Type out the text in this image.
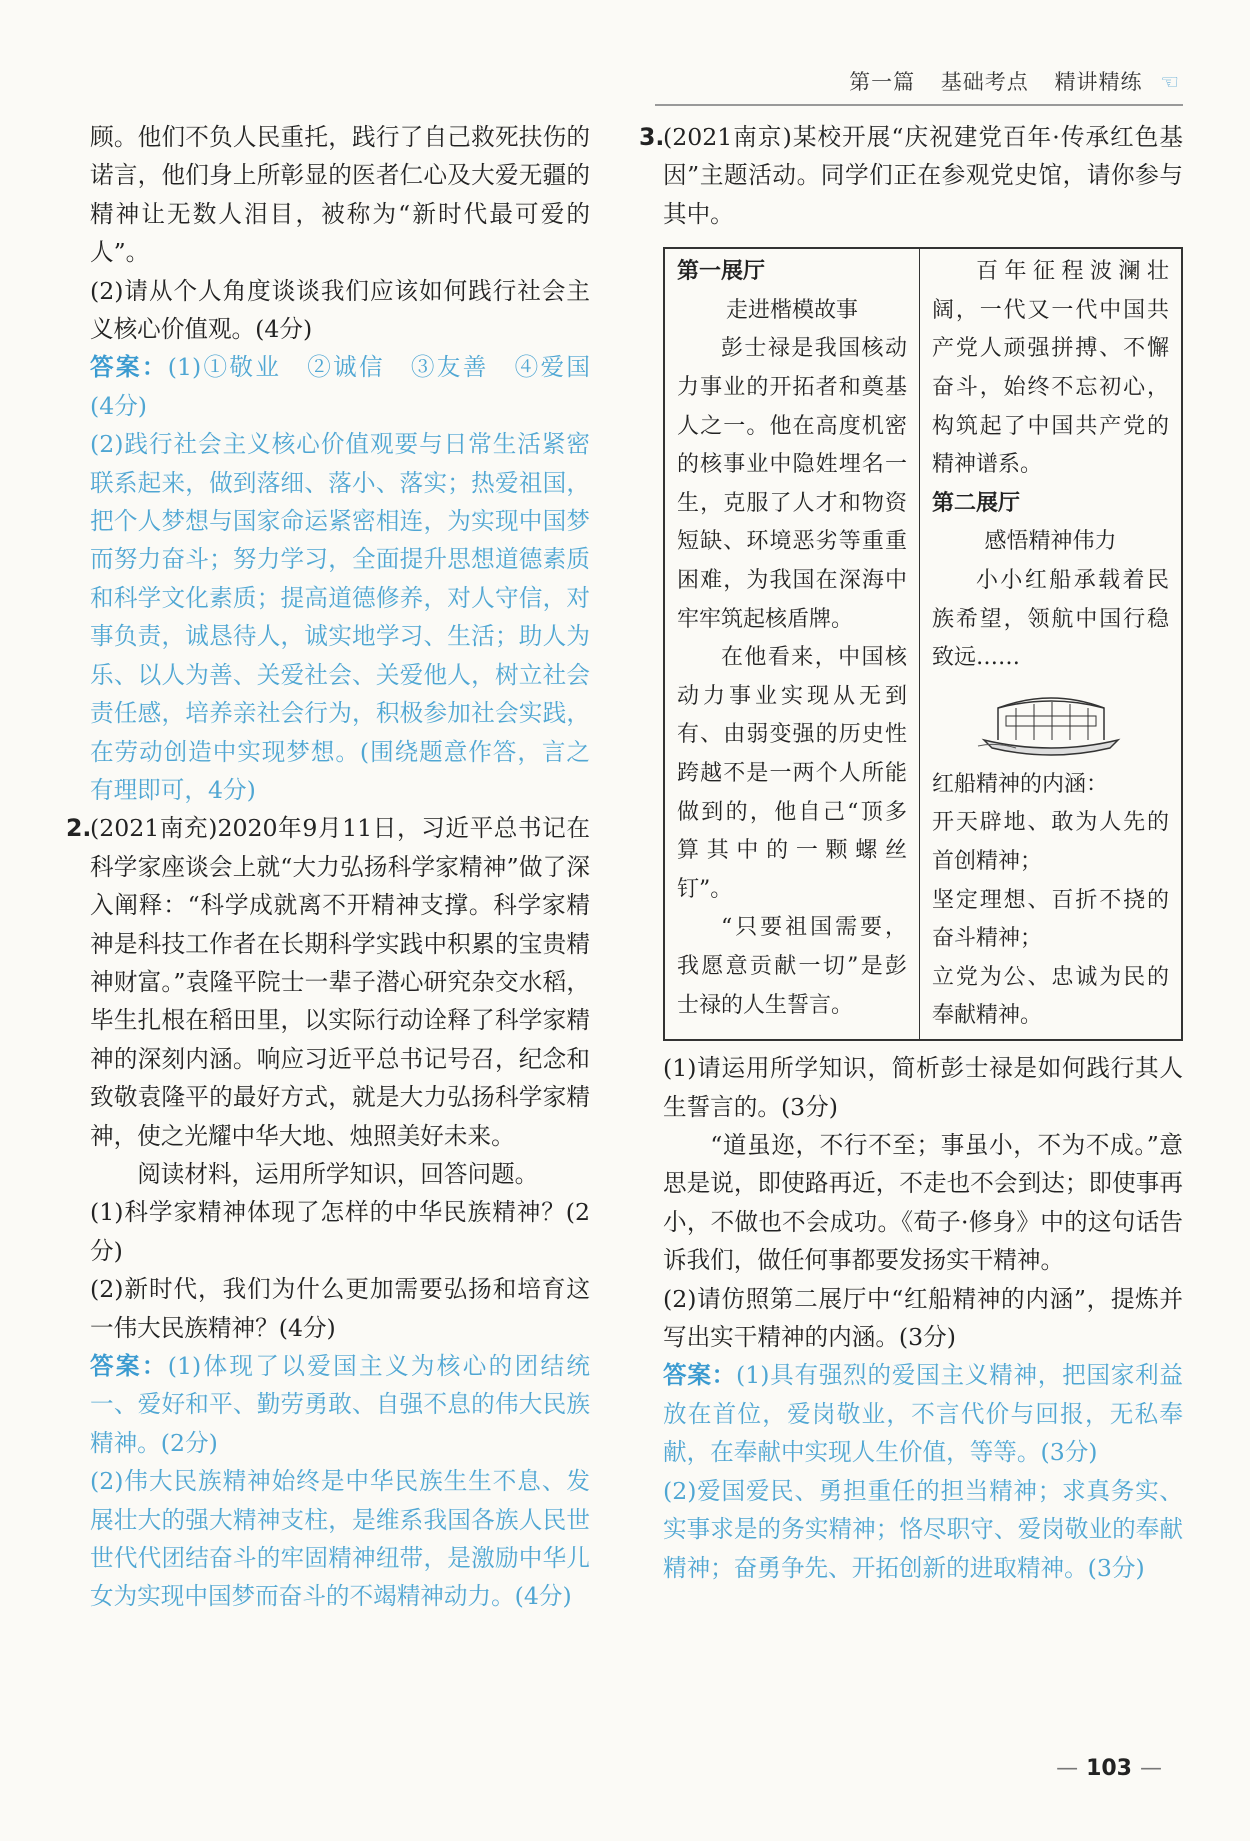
第一篇 基础考点 精讲精练 ☜

顾。他们不负人民重托，践行了自己救死扶伤的诺言，他们身上所彰显的医者仁心及大爱无疆的精神让无数人泪目，被称为“新时代最可爱的人”。

(2)请从个人角度谈谈我们应该如何践行社会主义核心价值观。(4分)

答案：(1)①敬业　②诚信　③友善　④爱国　(4分)

(2)践行社会主义核心价值观要与日常生活紧密联系起来，做到落细、落小、落实；热爱祖国，把个人梦想与国家命运紧密相连，为实现中国梦而努力奋斗；努力学习，全面提升思想道德素质和科学文化素质；提高道德修养，对人守信，对事负责，诚恳待人，诚实地学习、生活；助人为乐、以人为善、关爱社会、关爱他人，树立社会责任感，培养亲社会行为，积极参加社会实践，在劳动创造中实现梦想。(围绕题意作答，言之有理即可，4分)

2.
(2021南充)2020年9月11日，习近平总书记在科学家座谈会上就“大力弘扬科学家精神”做了深入阐释：“科学成就离不开精神支撑。科学家精神是科技工作者在长期科学实践中积累的宝贵精神财富。”袁隆平院士一辈子潜心研究杂交水稻，毕生扎根在稻田里，以实际行动诠释了科学家精神的深刻内涵。响应习近平总书记号召，纪念和致敬袁隆平的最好方式，就是大力弘扬科学家精神，使之光耀中华大地、烛照美好未来。

阅读材料，运用所学知识，回答问题。

(1)科学家精神体现了怎样的中华民族精神？(2分)

(2)新时代，我们为什么更加需要弘扬和培育这一伟大民族精神？(4分)

答案：(1)体现了以爱国主义为核心的团结统一、爱好和平、勤劳勇敢、自强不息的伟大民族精神。(2分)

(2)伟大民族精神始终是中华民族生生不息、发展壮大的强大精神支柱，是维系我国各族人民世世代代团结奋斗的牢固精神纽带，是激励中华儿女为实现中国梦而奋斗的不竭精神动力。(4分)

3.
(2021南京)某校开展“庆祝建党百年·传承红色基因”主题活动。同学们正在参观党史馆，请你参与其中。

第一展厅

走进楷模故事

彭士禄是我国核动力事业的开拓者和奠基人之一。他在高度机密的核事业中隐姓埋名一生，克服了人才和物资短缺、环境恶劣等重重困难，为我国在深海中牢牢筑起核盾牌。

在他看来，中国核动力事业实现从无到有、由弱变强的历史性跨越不是一两个人所能做到的，他自己“顶多算其中的一颗螺丝钉”。

“只要祖国需要，我愿意贡献一切”是彭士禄的人生誓言。

百年征程波澜壮阔，一代又一代中国共产党人顽强拼搏、不懈奋斗，始终不忘初心，构筑起了中国共产党的精神谱系。

第二展厅

感悟精神伟力

小小红船承载着民族希望，领航中国行稳致远……

红船精神的内涵：

开天辟地、敢为人先的首创精神；

坚定理想、百折不挠的奋斗精神；

立党为公、忠诚为民的奉献精神。

(1)请运用所学知识，简析彭士禄是如何践行其人生誓言的。(3分)

“道虽迩，不行不至；事虽小，不为不成。”意思是说，即使路再近，不走也不会到达；即使事再小，不做也不会成功。《荀子·修身》中的这句话告诉我们，做任何事都要发扬实干精神。

(2)请仿照第二展厅中“红船精神的内涵”，提炼并写出实干精神的内涵。(3分)

答案：(1)具有强烈的爱国主义精神，把国家利益放在首位，爱岗敬业，不言代价与回报，无私奉献，在奉献中实现人生价值，等等。(3分)

(2)爱国爱民、勇担重任的担当精神；求真务实、实事求是的务实精神；恪尽职守、爱岗敬业的奉献精神；奋勇争先、开拓创新的进取精神。(3分)

— 103 —
